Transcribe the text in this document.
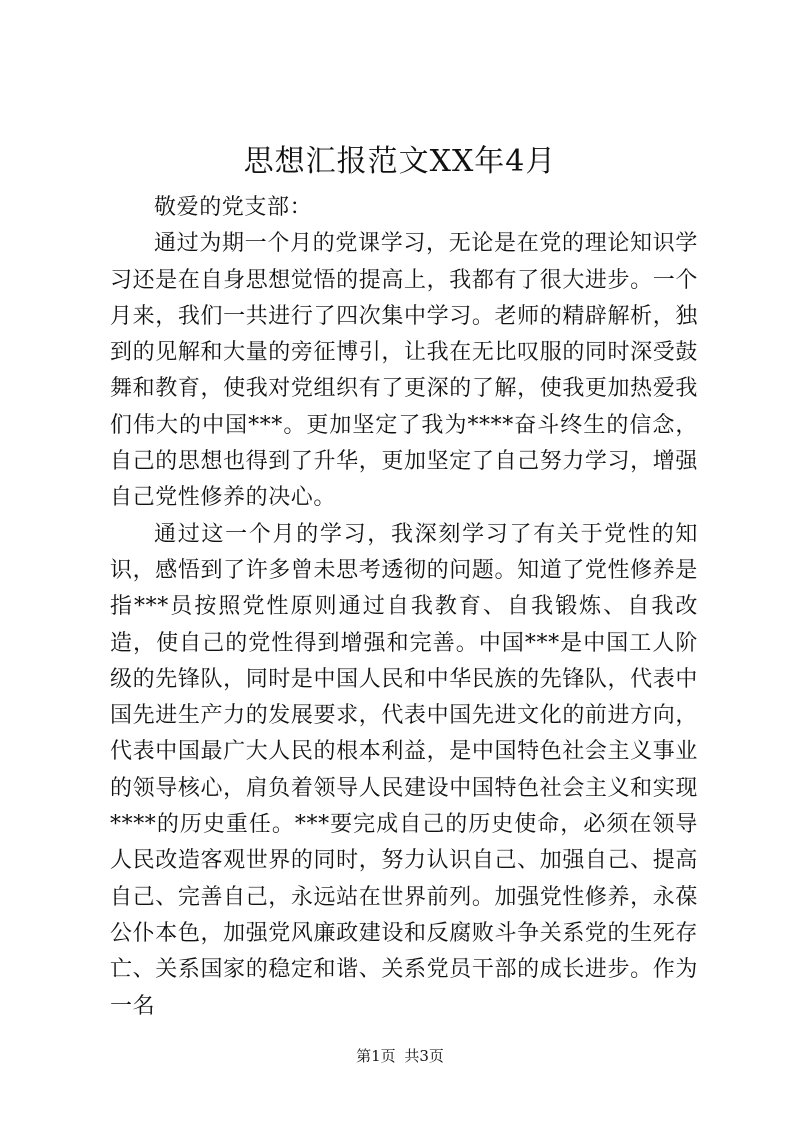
思想汇报范文XX年4月

敬爱的党支部：

通过为期一个月的党课学习，无论是在党的理论知识学习还是在自身思想觉悟的提高上，我都有了很大进步。一个月来，我们一共进行了四次集中学习。老师的精辟解析，独到的见解和大量的旁征博引，让我在无比叹服的同时深受鼓舞和教育，使我对党组织有了更深的了解，使我更加热爱我们伟大的中国***。更加坚定了我为****奋斗终生的信念，自己的思想也得到了升华，更加坚定了自己努力学习，增强自己党性修养的决心。

通过这一个月的学习，我深刻学习了有关于党性的知识，感悟到了许多曾未思考透彻的问题。知道了党性修养是指***员按照党性原则通过自我教育、自我锻炼、自我改造，使自己的党性得到增强和完善。中国***是中国工人阶级的先锋队，同时是中国人民和中华民族的先锋队，代表中国先进生产力的发展要求，代表中国先进文化的前进方向，代表中国最广大人民的根本利益，是中国特色社会主义事业的领导核心，肩负着领导人民建设中国特色社会主义和实现****的历史重任。***要完成自己的历史使命，必须在领导人民改造客观世界的同时，努力认识自己、加强自己、提高自己、完善自己，永远站在世界前列。加强党性修养，永葆公仆本色，加强党风廉政建设和反腐败斗争关系党的生死存亡、关系国家的稳定和谐、关系党员干部的成长进步。作为一名

第1页 共3页
